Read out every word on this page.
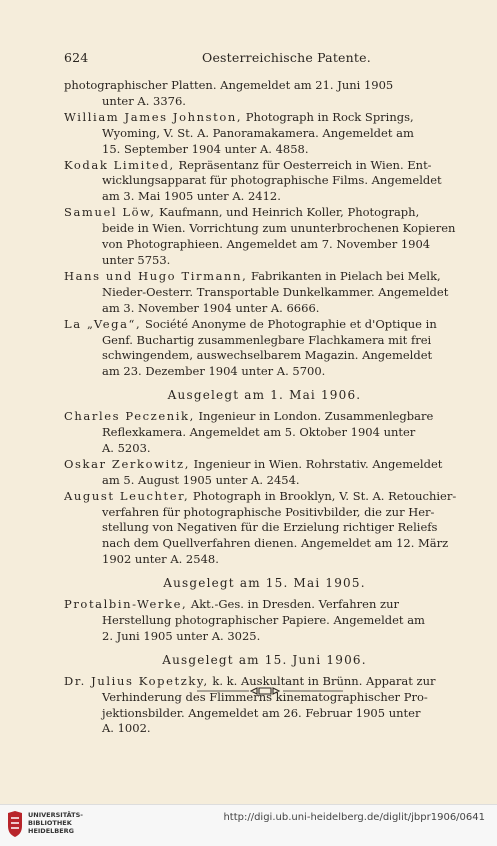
624	Oesterreichische Patente.
photographischer Platten. Angemeldet am 21. Juni 1905
unter A. 3376.
William James Johnston, Photograph in Rock Springs,
Wyoming, V. St. A. Panoramakamera. Angemeldet am
15. September 1904 unter A. 4858.
Kodak Limited, Repräsentanz für Oesterreich in Wien. Ent-
wicklungsapparat für photographische Films. Angemeldet
am 3. Mai 1905 unter A. 2412.
Samuel Löw, Kaufmann, und Heinrich Koller, Photograph,
beide in Wien. Vorrichtung zum ununterbrochenen Kopieren
von Photographieen. Angemeldet am 7. November 1904
unter 5753.
Hans und Hugo Tirmann, Fabrikanten in Pielach bei Melk,
Nieder-Oesterr. Transportable Dunkelkammer. Angemeldet
am 3. November 1904 unter A. 6666.
La „Vega“, Société Anonyme de Photographie et d'Optique in
Genf. Buchartig zusammenlegbare Flachkamera mit frei
schwingendem, auswechselbarem Magazin. Angemeldet
am 23. Dezember 1904 unter A. 5700.
Ausgelegt am 1. Mai 1906.
Charles Peczenik, Ingenieur in London. Zusammenlegbare
Reflexkamera. Angemeldet am 5. Oktober 1904 unter
A. 5203.
Oskar Zerkowitz, Ingenieur in Wien. Rohrstativ. Angemeldet
am 5. August 1905 unter A. 2454.
August Leuchter, Photograph in Brooklyn, V. St. A. Retouchier-
verfahren für photographische Positivbilder, die zur Her-
stellung von Negativen für die Erzielung richtiger Reliefs
nach dem Quellverfahren dienen. Angemeldet am 12. März
1902 unter A. 2548.
Ausgelegt am 15. Mai 1905.
Protalbin-Werke, Akt.-Ges. in Dresden. Verfahren zur
Herstellung photographischer Papiere. Angemeldet am
2. Juni 1905 unter A. 3025.
Ausgelegt am 15. Juni 1906.
Dr. Julius Kopetzky, k. k. Auskultant in Brünn. Apparat zur
Verhinderung des Flimmerns kinematographischer Pro-
jektionsbilder. Angemeldet am 26. Februar 1905 unter
A. 1002.
UNIVERSITÄTS-
BIBLIOTHEK
HEIDELBERG
http://digi.ub.uni-heidelberg.de/diglit/jbpr1906/0641
